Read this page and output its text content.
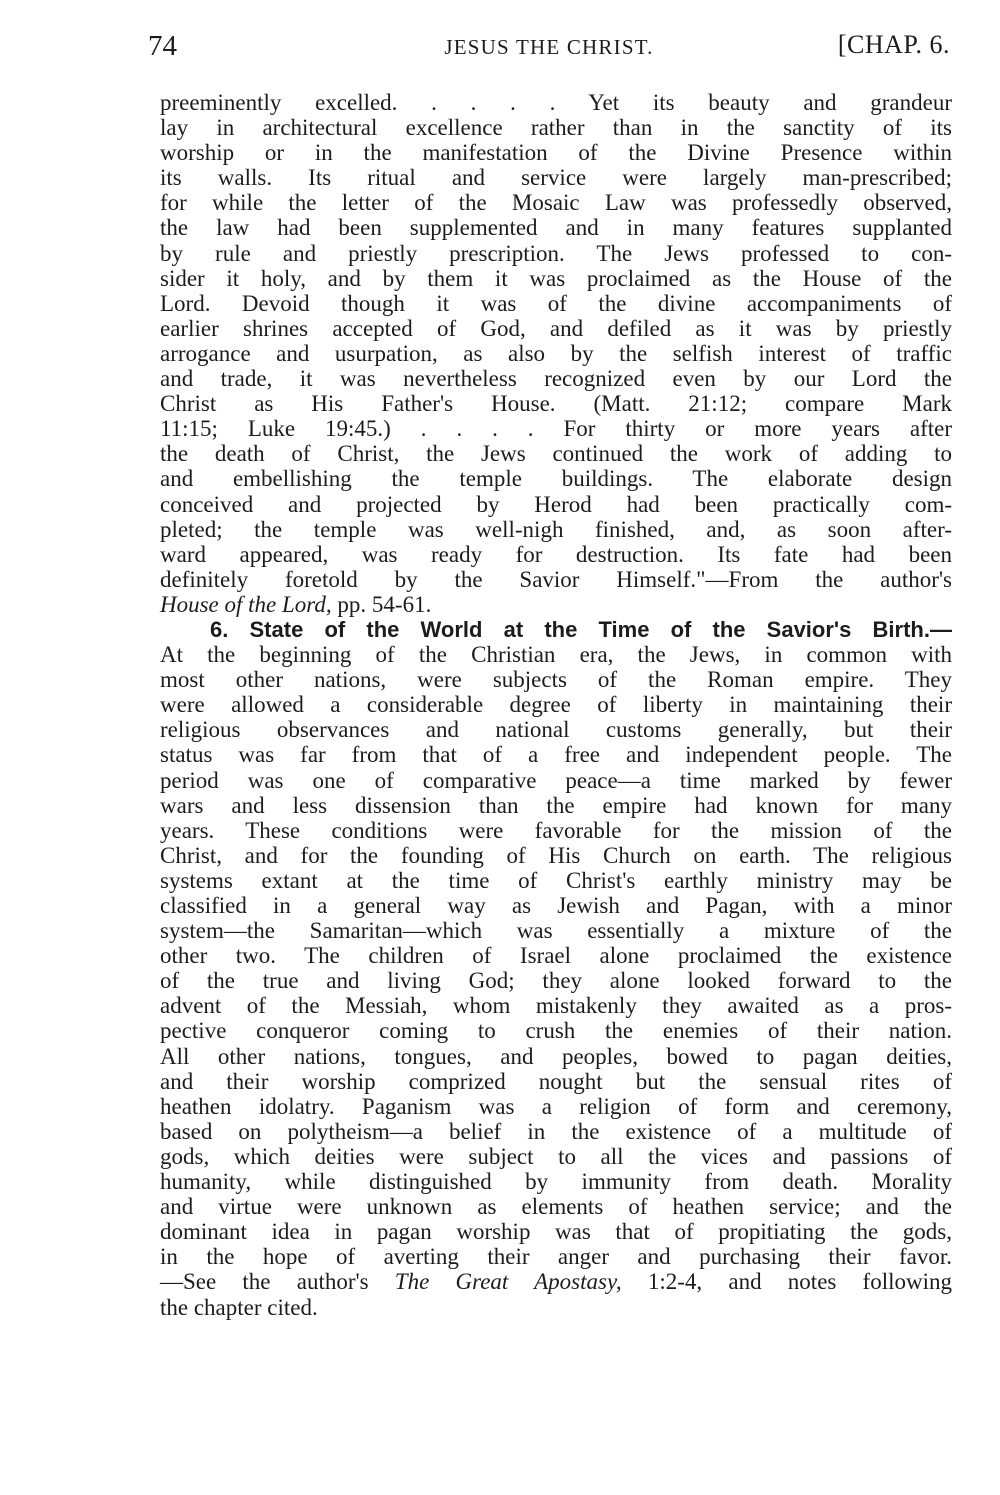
74	JESUS THE CHRIST.	[CHAP. 6.
preeminently excelled. . . . . Yet its beauty and grandeur
lay in architectural excellence rather than in the sanctity of its
worship or in the manifestation of the Divine Presence within
its walls. Its ritual and service were largely man-prescribed;
for while the letter of the Mosaic Law was professedly observed,
the law had been supplemented and in many features supplanted
by rule and priestly prescription. The Jews professed to con-
sider it holy, and by them it was proclaimed as the House of the
Lord. Devoid though it was of the divine accompaniments of
earlier shrines accepted of God, and defiled as it was by priestly
arrogance and usurpation, as also by the selfish interest of traffic
and trade, it was nevertheless recognized even by our Lord the
Christ as His Father's House. (Matt. 21:12; compare Mark
11:15; Luke 19:45.) . . . . For thirty or more years after
the death of Christ, the Jews continued the work of adding to
and embellishing the temple buildings. The elaborate design
conceived and projected by Herod had been practically com-
pleted; the temple was well-nigh finished, and, as soon after-
ward appeared, was ready for destruction. Its fate had been
definitely foretold by the Savior Himself."—From the author's
House of the Lord, pp. 54-61.
6. State of the World at the Time of the Savior's Birth.—
At the beginning of the Christian era, the Jews, in common with
most other nations, were subjects of the Roman empire. They
were allowed a considerable degree of liberty in maintaining their
religious observances and national customs generally, but their
status was far from that of a free and independent people. The
period was one of comparative peace—a time marked by fewer
wars and less dissension than the empire had known for many
years. These conditions were favorable for the mission of the
Christ, and for the founding of His Church on earth. The religious
systems extant at the time of Christ's earthly ministry may be
classified in a general way as Jewish and Pagan, with a minor
system—the Samaritan—which was essentially a mixture of the
other two. The children of Israel alone proclaimed the existence
of the true and living God; they alone looked forward to the
advent of the Messiah, whom mistakenly they awaited as a pros-
pective conqueror coming to crush the enemies of their nation.
All other nations, tongues, and peoples, bowed to pagan deities,
and their worship comprized nought but the sensual rites of
heathen idolatry. Paganism was a religion of form and ceremony,
based on polytheism—a belief in the existence of a multitude of
gods, which deities were subject to all the vices and passions of
humanity, while distinguished by immunity from death. Morality
and virtue were unknown as elements of heathen service; and the
dominant idea in pagan worship was that of propitiating the gods,
in the hope of averting their anger and purchasing their favor.
—See the author's The Great Apostasy, 1:2-4, and notes following
the chapter cited.
